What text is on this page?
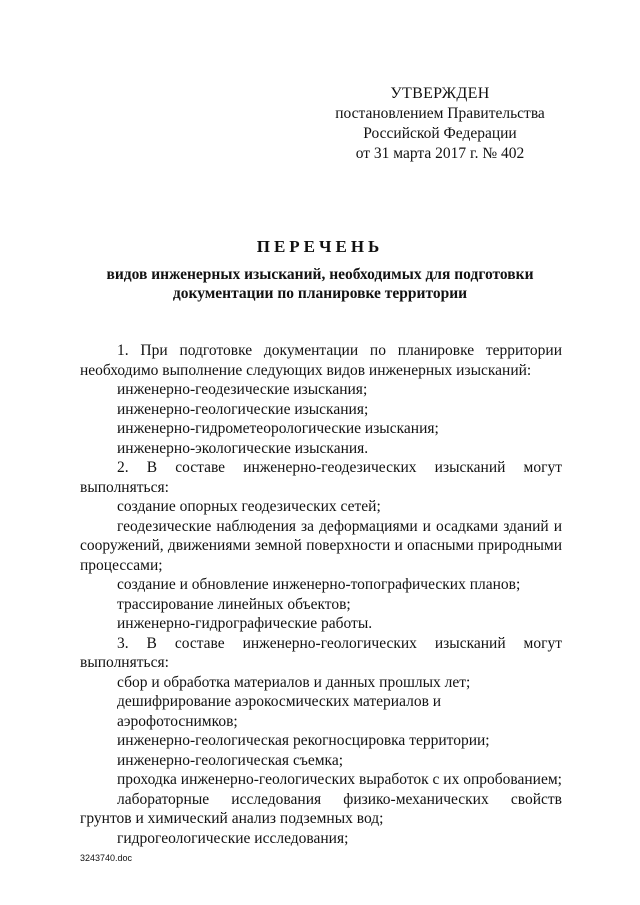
УТВЕРЖДЕН
постановлением Правительства
Российской Федерации
от 31 марта 2017 г. № 402
ПЕРЕЧЕНЬ
видов инженерных изысканий, необходимых для подготовки
документации по планировке территории

1. При подготовке документации по планировке территории

необходимо выполнение следующих видов инженерных изысканий:

инженерно-геодезические изыскания;

инженерно-геологические изыскания;

инженерно-гидрометеорологические изыскания;

инженерно-экологические изыскания.

2. В составе инженерно-геодезических изысканий могут

выполняться:

создание опорных геодезических сетей;

геодезические наблюдения за деформациями и осадками зданий и сооружений, движениями земной поверхности и опасными природными процессами;

создание и обновление инженерно-топографических планов;

трассирование линейных объектов;

инженерно-гидрографические работы.

3. В составе инженерно-геологических изысканий могут

выполняться:

сбор и обработка материалов и данных прошлых лет;

дешифрирование аэрокосмических материалов и аэрофотоснимков;

инженерно-геологическая рекогносцировка территории;

инженерно-геологическая съемка;

проходка инженерно-геологических выработок с их опробованием;

лабораторные исследования физико-механических свойств грунтов и химический анализ подземных вод;

гидрогеологические исследования;

3243740.doc
